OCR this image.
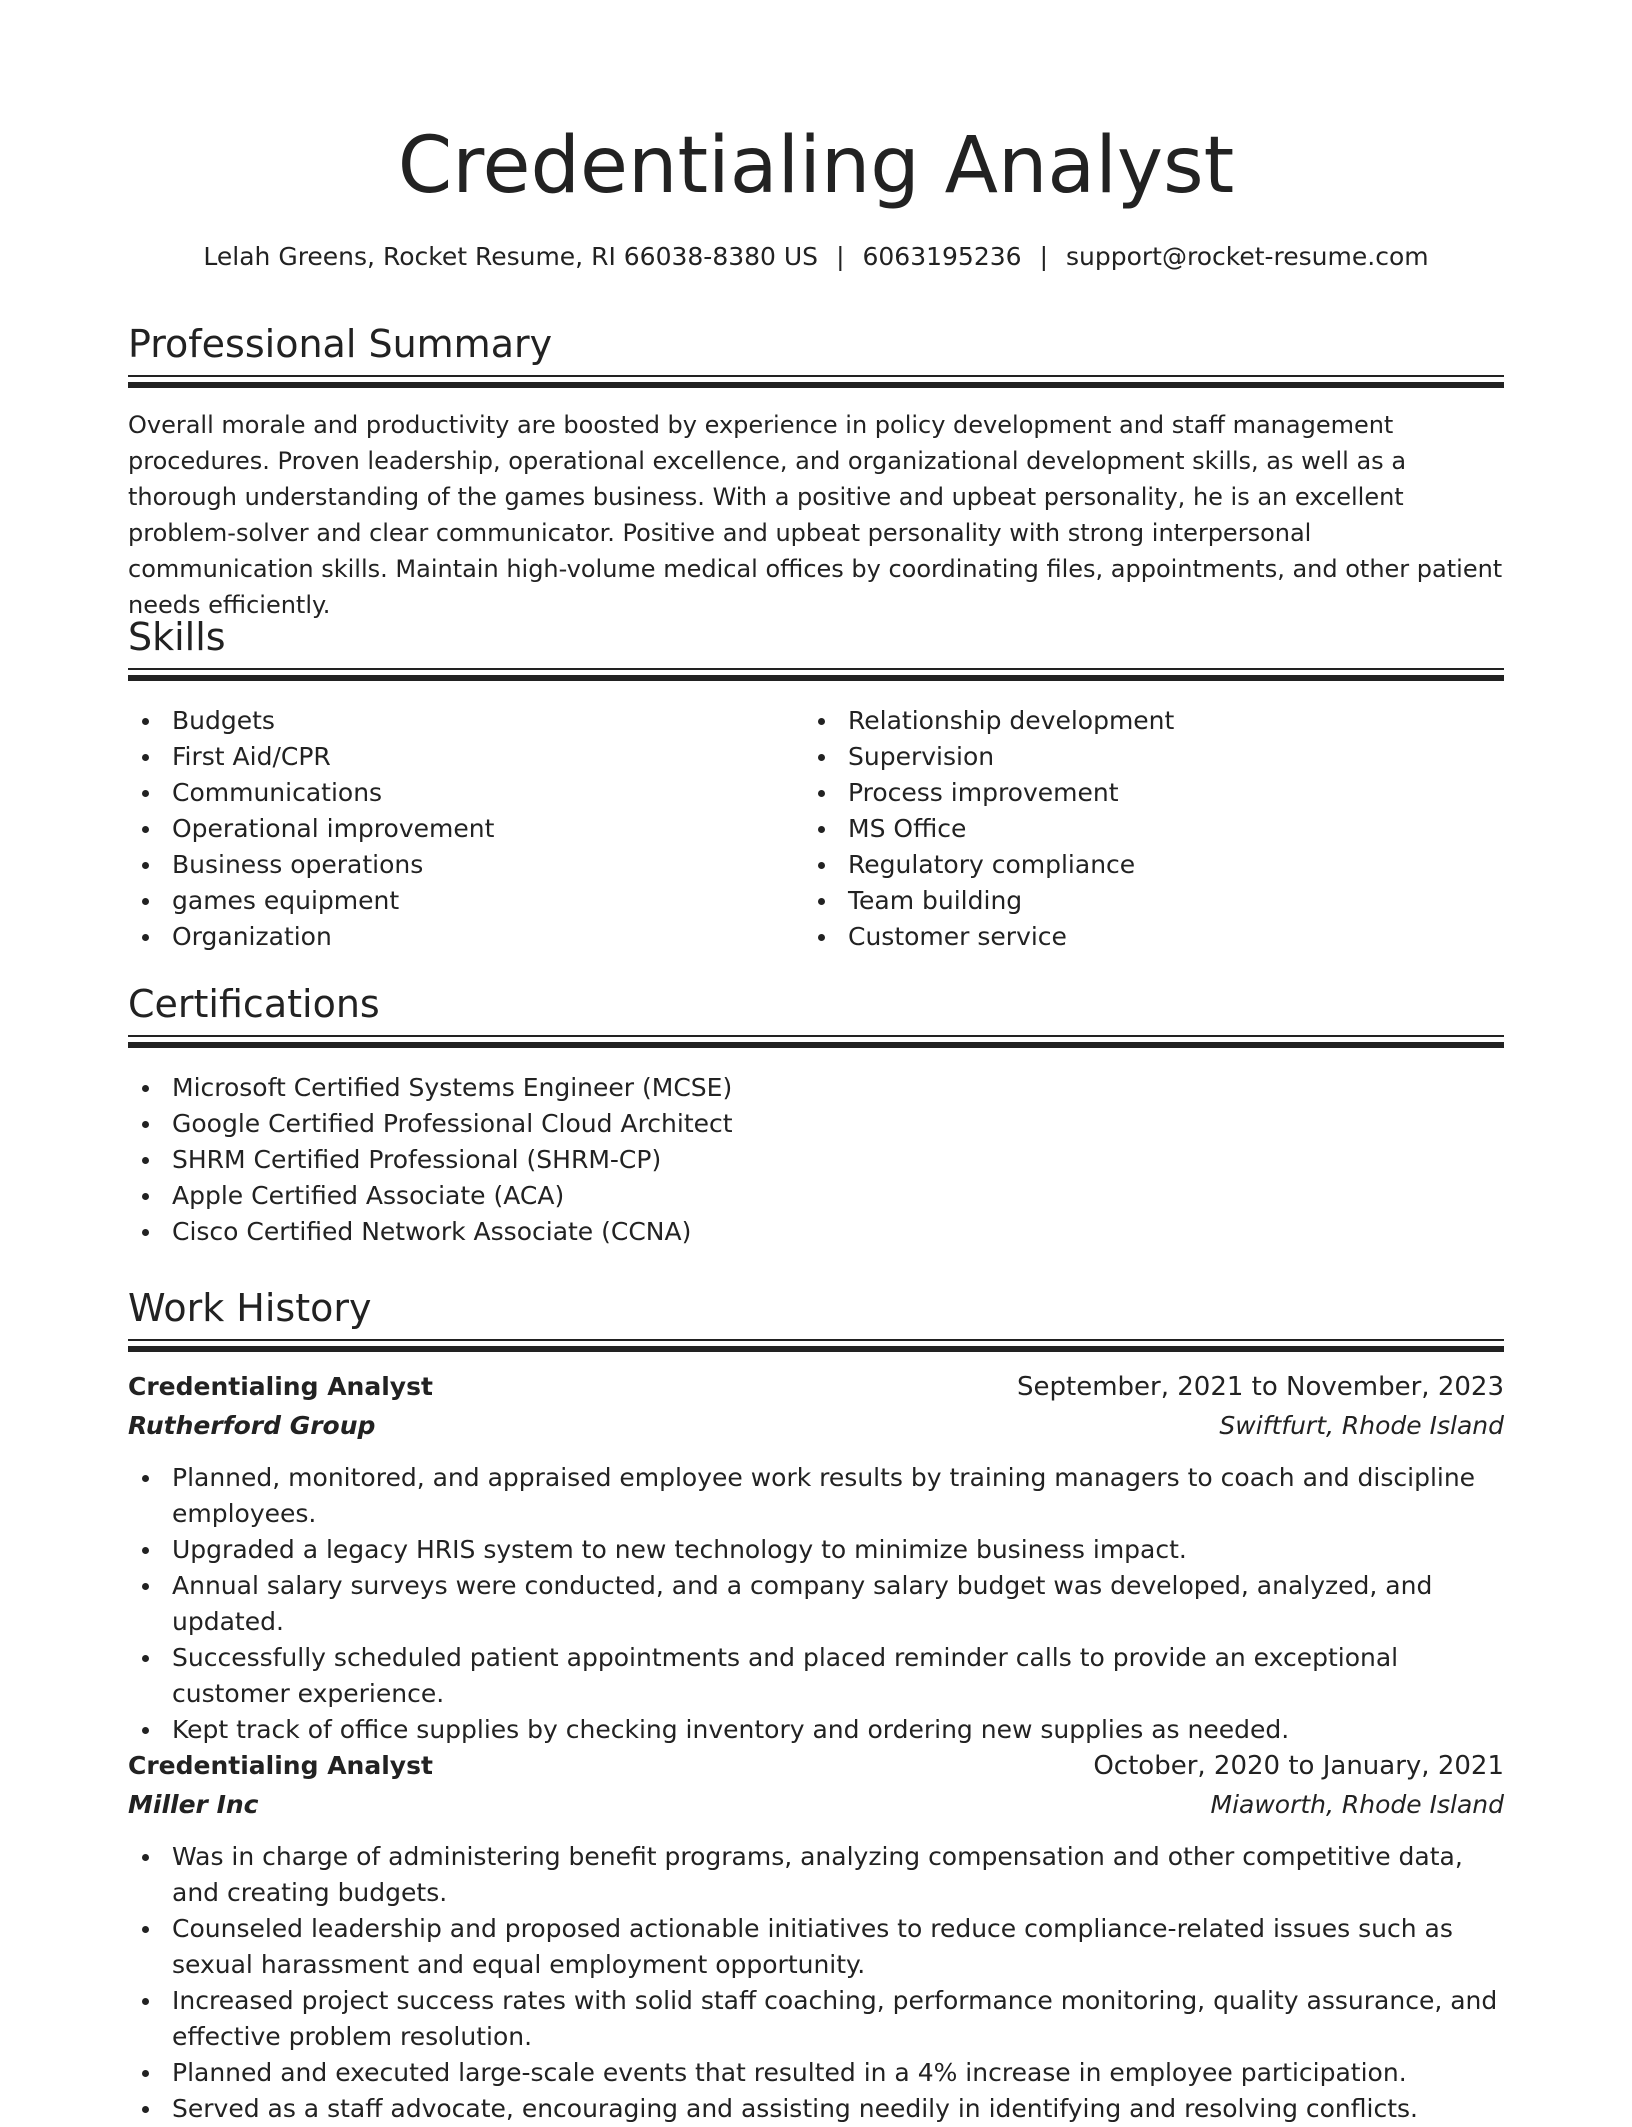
Credentialing Analyst
Lelah Greens, Rocket Resume, RI 66038-8380 US | 6063195236 | support@rocket-resume.com
Professional Summary

Overall morale and productivity are boosted by experience in policy development and staff management procedures. Proven leadership, operational excellence, and organizational development skills, as well as a thorough understanding of the games business. With a positive and upbeat personality, he is an excellent problem-solver and clear communicator. Positive and upbeat personality with strong interpersonal communication skills. Maintain high-volume medical offices by coordinating files, appointments, and other patient needs efficiently.

Skills
Budgets
First Aid/CPR
Communications
Operational improvement
Business operations
games equipment
Organization
Relationship development
Supervision
Process improvement
MS Office
Regulatory compliance
Team building
Customer service
Certifications
Microsoft Certified Systems Engineer (MCSE)
Google Certified Professional Cloud Architect
SHRM Certified Professional (SHRM-CP)
Apple Certified Associate (ACA)
Cisco Certified Network Associate (CCNA)
Work History
Credentialing Analyst	September, 2021 to November, 2023
Rutherford Group	Swiftfurt, Rhode Island
Planned, monitored, and appraised employee work results by training managers to coach and discipline employees.
Upgraded a legacy HRIS system to new technology to minimize business impact.
Annual salary surveys were conducted, and a company salary budget was developed, analyzed, and updated.
Successfully scheduled patient appointments and placed reminder calls to provide an exceptional customer experience.
Kept track of office supplies by checking inventory and ordering new supplies as needed.
Credentialing Analyst	October, 2020 to January, 2021
Miller Inc	Miaworth, Rhode Island
Was in charge of administering benefit programs, analyzing compensation and other competitive data, and creating budgets.
Counseled leadership and proposed actionable initiatives to reduce compliance-related issues such as sexual harassment and equal employment opportunity.
Increased project success rates with solid staff coaching, performance monitoring, quality assurance, and effective problem resolution.
Planned and executed large-scale events that resulted in a 4% increase in employee participation.
Served as a staff advocate, encouraging and assisting needily in identifying and resolving conflicts.
